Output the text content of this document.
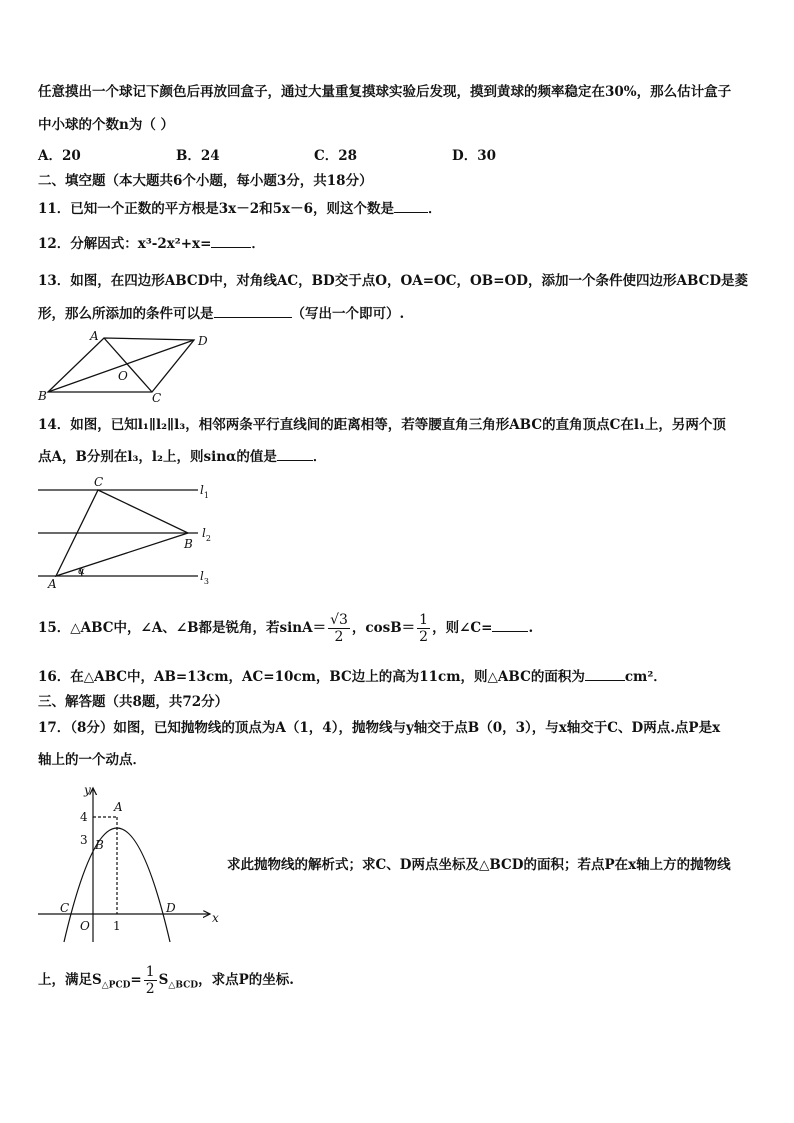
任意摸出一个球记下颜色后再放回盒子，通过大量重复摸球实验后发现，摸到黄球的频率稳定在30%，那么估计盒子
中小球的个数n为（ ）
A．20	B．24	C．28	D．30
二、填空题（本大题共6个小题，每小题3分，共18分）
11．已知一个正数的平方根是3x－2和5x－6，则这个数是	．
12．分解因式：x³-2x²+x=	．
13．如图，在四边形ABCD中，对角线AC，BD交于点O，OA=OC，OB=OD，添加一个条件使四边形ABCD是菱
形，那么所添加的条件可以是	（写出一个即可）.
A	D
B	C
O
14．如图，已知l₁∥l₂∥l₃，相邻两条平行直线间的距离相等，若等腰直角三角形ABC的直角顶点C在l₁上，另两个顶
点A，B分别在l₃，l₂上，则sinα的值是	．
C
B
A
α
$l_1$
$l_2$
$l_3$
15．△ABC中，∠A、∠B都是锐角，若$\sin A= \frac{√3}{2}$ ，$\cos B= \frac{1}{2}$ ，则∠C=	.
16．在△ABC中，AB=13cm，AC=10cm，BC边上的高为11cm，则△ABC的面积为	cm²．
三、解答题（共8题，共72分）
17．（8分）如图，已知抛物线的顶点为A（1，4），抛物线与y轴交于点B（0，3），与x轴交于C、D两点.点P是x
轴上的一个动点．
y
x
A
B
C	D
O
4
3
1
求此抛物线的解析式；求C、D两点坐标及△BCD的面积；若点P在x轴上方的抛物线
上，满足$S_{\triangle PCD}= \frac{1}{2} S_{\triangle BCD}$，求点P的坐标.
